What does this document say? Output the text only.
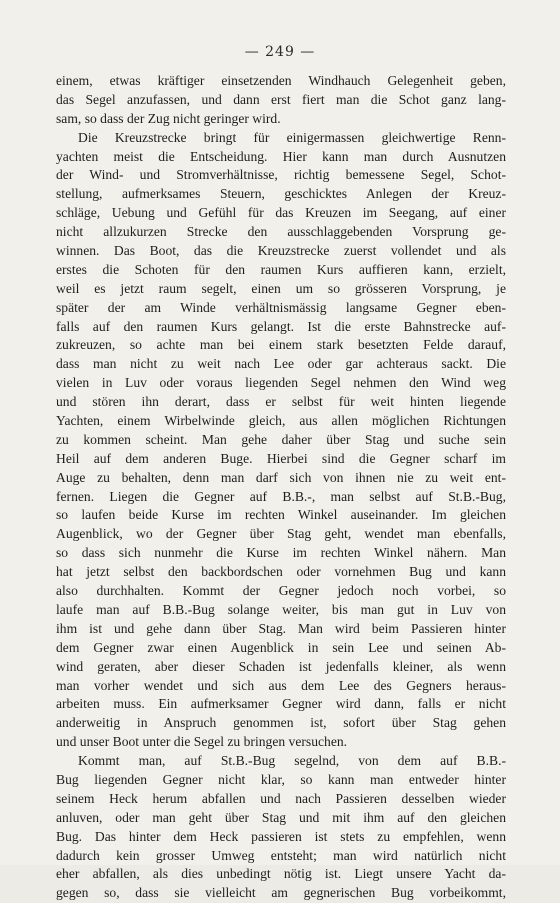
— 249 —
einem, etwas kräftiger einsetzenden Windhauch Gelegenheit geben,
das Segel anzufassen, und dann erst fiert man die Schot ganz lang-
sam, so dass der Zug nicht geringer wird.
Die Kreuzstrecke bringt für einigermassen gleichwertige Renn-
yachten meist die Entscheidung. Hier kann man durch Ausnutzen
der Wind- und Stromverhältnisse, richtig bemessene Segel, Schot-
stellung, aufmerksames Steuern, geschicktes Anlegen der Kreuz-
schläge, Uebung und Gefühl für das Kreuzen im Seegang, auf einer
nicht allzukurzen Strecke den ausschlaggebenden Vorsprung ge-
winnen. Das Boot, das die Kreuzstrecke zuerst vollendet und als
erstes die Schoten für den raumen Kurs auffieren kann, erzielt,
weil es jetzt raum segelt, einen um so grösseren Vorsprung, je
später der am Winde verhältnismässig langsame Gegner eben-
falls auf den raumen Kurs gelangt. Ist die erste Bahnstrecke auf-
zukreuzen, so achte man bei einem stark besetzten Felde darauf,
dass man nicht zu weit nach Lee oder gar achteraus sackt. Die
vielen in Luv oder voraus liegenden Segel nehmen den Wind weg
und stören ihn derart, dass er selbst für weit hinten liegende
Yachten, einem Wirbelwinde gleich, aus allen möglichen Richtungen
zu kommen scheint. Man gehe daher über Stag und suche sein
Heil auf dem anderen Buge. Hierbei sind die Gegner scharf im
Auge zu behalten, denn man darf sich von ihnen nie zu weit ent-
fernen. Liegen die Gegner auf B.B.-, man selbst auf St.B.-Bug,
so laufen beide Kurse im rechten Winkel auseinander. Im gleichen
Augenblick, wo der Gegner über Stag geht, wendet man ebenfalls,
so dass sich nunmehr die Kurse im rechten Winkel nähern. Man
hat jetzt selbst den backbordschen oder vornehmen Bug und kann
also durchhalten. Kommt der Gegner jedoch noch vorbei, so
laufe man auf B.B.-Bug solange weiter, bis man gut in Luv von
ihm ist und gehe dann über Stag. Man wird beim Passieren hinter
dem Gegner zwar einen Augenblick in sein Lee und seinen Ab-
wind geraten, aber dieser Schaden ist jedenfalls kleiner, als wenn
man vorher wendet und sich aus dem Lee des Gegners heraus-
arbeiten muss. Ein aufmerksamer Gegner wird dann, falls er nicht
anderweitig in Anspruch genommen ist, sofort über Stag gehen
und unser Boot unter die Segel zu bringen versuchen.
Kommt man, auf St.B.-Bug segelnd, von dem auf B.B.-
Bug liegenden Gegner nicht klar, so kann man entweder hinter
seinem Heck herum abfallen und nach Passieren desselben wieder
anluven, oder man geht über Stag und mit ihm auf den gleichen
Bug. Das hinter dem Heck passieren ist stets zu empfehlen, wenn
dadurch kein grosser Umweg entsteht; man wird natürlich nicht
eher abfallen, als dies unbedingt nötig ist. Liegt unsere Yacht da-
gegen so, dass sie vielleicht am gegnerischen Bug vorbeikommt,
